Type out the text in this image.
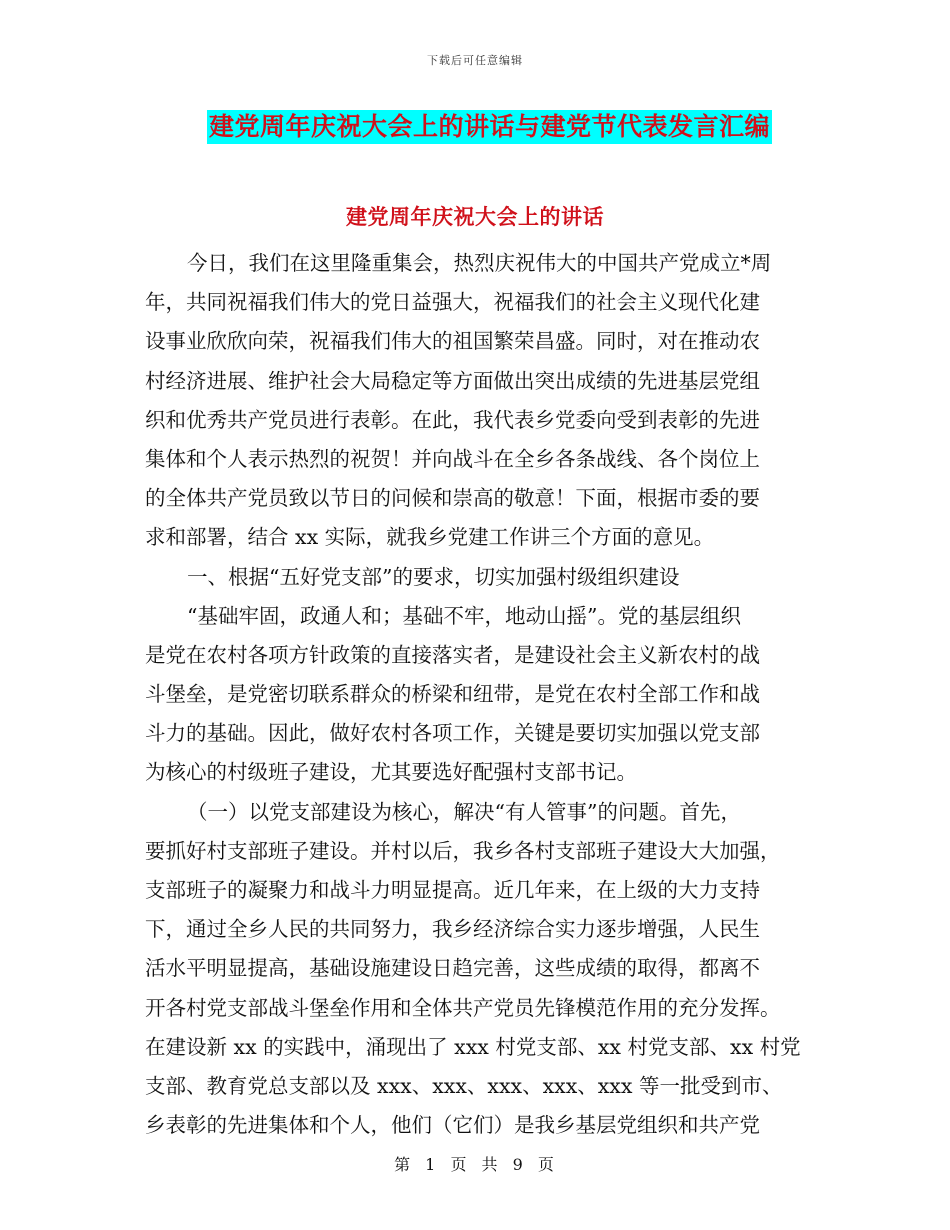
下载后可任意编辑
建党周年庆祝大会上的讲话与建党节代表发言汇编
建党周年庆祝大会上的讲话
今日，我们在这里隆重集会，热烈庆祝伟大的中国共产党成立*周
年，共同祝福我们伟大的党日益强大，祝福我们的社会主义现代化建
设事业欣欣向荣，祝福我们伟大的祖国繁荣昌盛。同时，对在推动农
村经济进展、维护社会大局稳定等方面做出突出成绩的先进基层党组
织和优秀共产党员进行表彰。在此，我代表乡党委向受到表彰的先进
集体和个人表示热烈的祝贺！并向战斗在全乡各条战线、各个岗位上
的全体共产党员致以节日的问候和崇高的敬意！下面，根据市委的要
求和部署，结合 xx 实际，就我乡党建工作讲三个方面的意见。
一、根据“五好党支部”的要求，切实加强村级组织建设
“基础牢固，政通人和；基础不牢，地动山摇”。党的基层组织
是党在农村各项方针政策的直接落实者，是建设社会主义新农村的战
斗堡垒，是党密切联系群众的桥梁和纽带，是党在农村全部工作和战
斗力的基础。因此，做好农村各项工作，关键是要切实加强以党支部
为核心的村级班子建设，尤其要选好配强村支部书记。
（一）以党支部建设为核心，解决“有人管事”的问题。首先，
要抓好村支部班子建设。并村以后，我乡各村支部班子建设大大加强，
支部班子的凝聚力和战斗力明显提高。近几年来，在上级的大力支持
下，通过全乡人民的共同努力，我乡经济综合实力逐步增强，人民生
活水平明显提高，基础设施建设日趋完善，这些成绩的取得，都离不
开各村党支部战斗堡垒作用和全体共产党员先锋模范作用的充分发挥。
在建设新 xx 的实践中，涌现出了 xxx 村党支部、xx 村党支部、xx 村党
支部、教育党总支部以及 xxx、xxx、xxx、xxx、xxx 等一批受到市、
乡表彰的先进集体和个人，他们（它们）是我乡基层党组织和共产党
第 1 页 共 9 页
